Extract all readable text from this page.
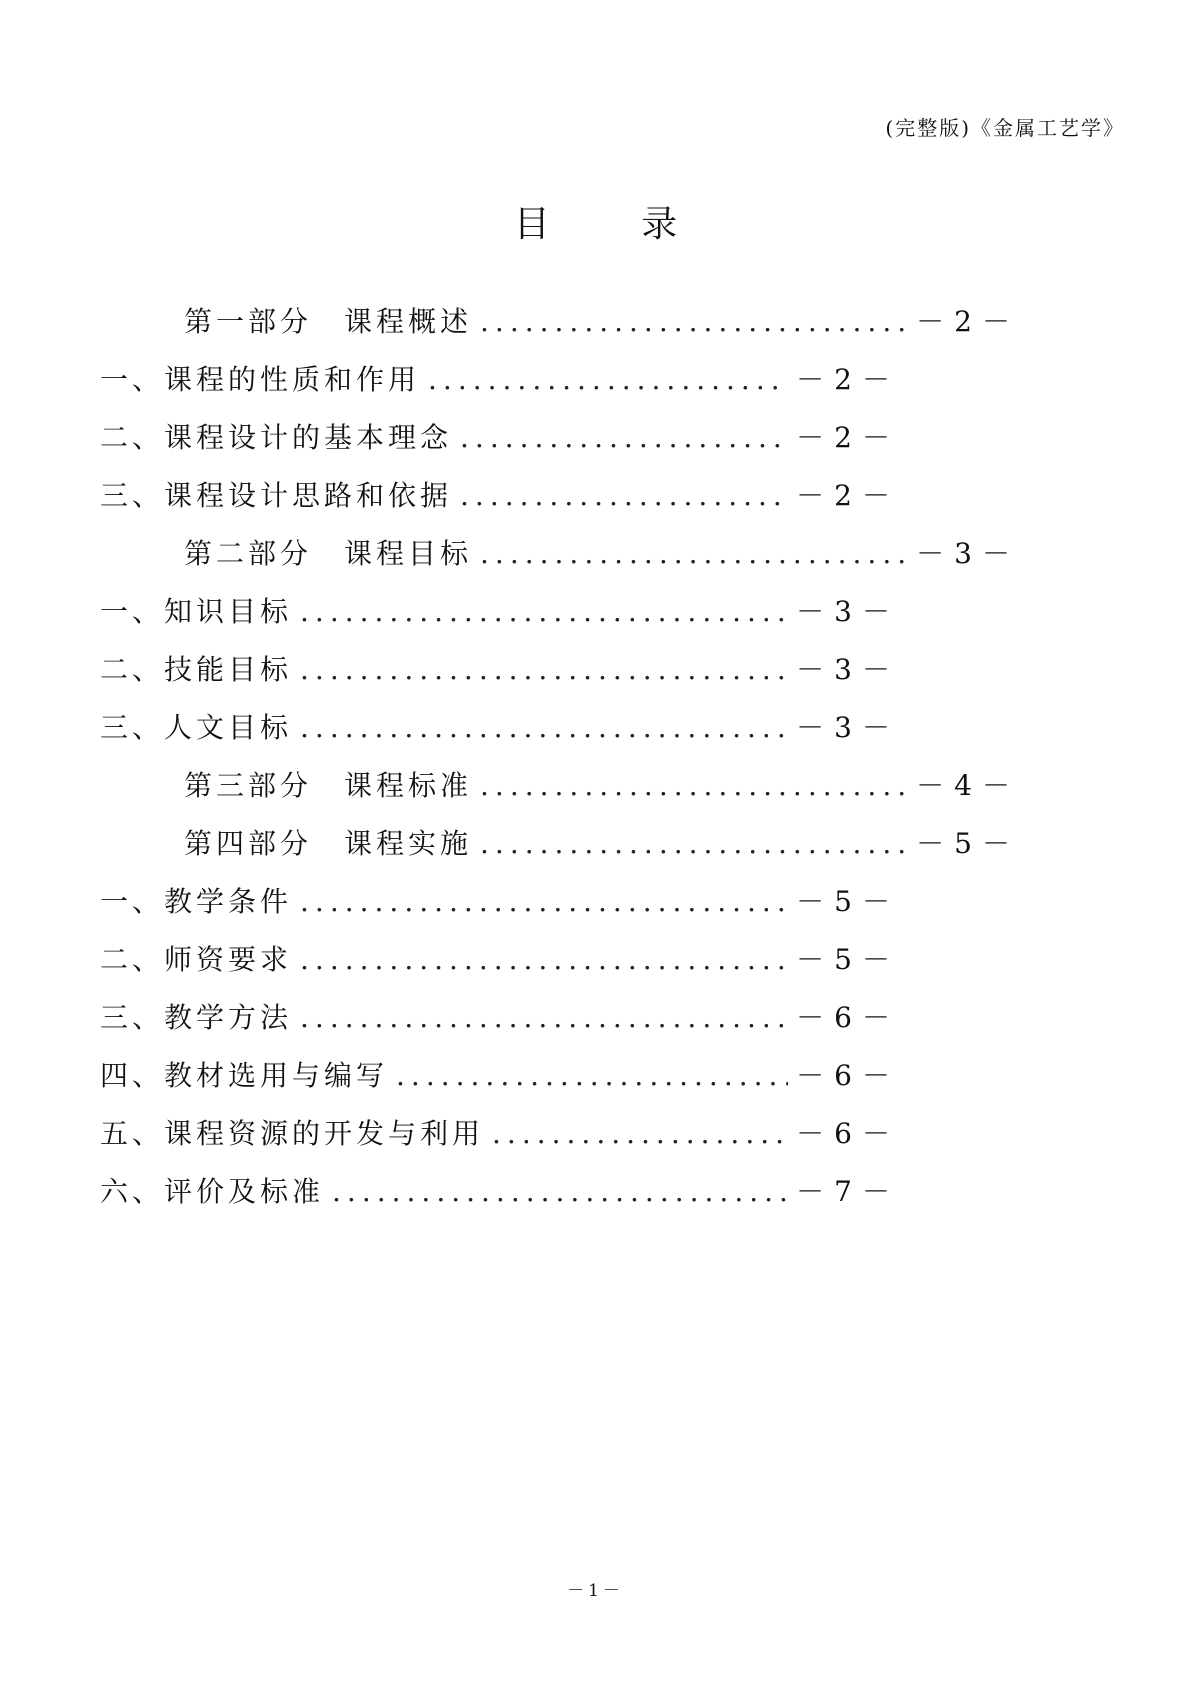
(完整版)《金属工艺学》
目 录
第一部分　课程概述 .....	－2－
一、课程的性质和作用 .....	－2－
二、课程设计的基本理念 .....	－2－
三、课程设计思路和依据 .....	－2－
第二部分　课程目标 .....	－3－
一、知识目标 .....	－3－
二、技能目标 .....	－3－
三、人文目标 .....	－3－
第三部分　课程标准 .....	－4－
第四部分　课程实施 .....	－5－
一、教学条件 .....	－5－
二、师资要求 .....	－5－
三、教学方法 .....	－6－
四、教材选用与编写 .....	－6－
五、课程资源的开发与利用 .....	－6－
六、评价及标准 .....	－7－
－1－
